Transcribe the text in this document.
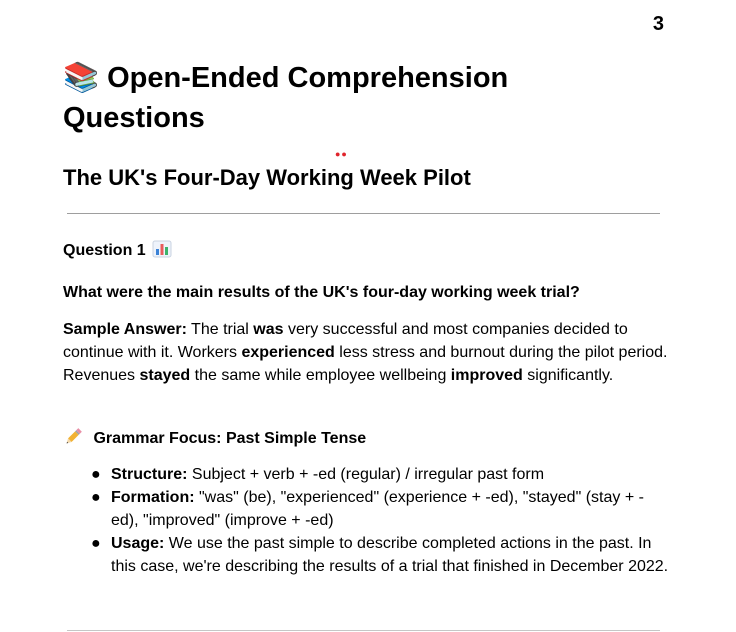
3
📚 Open-Ended Comprehension Questions
●●
The UK's Four-Day Working Week Pilot
Question 1
What were the main results of the UK's four-day working week trial?
Sample Answer: The trial was very successful and most companies decided to continue with it. Workers experienced less stress and burnout during the pilot period. Revenues stayed the same while employee wellbeing improved significantly.
Grammar Focus: Past Simple Tense
● Structure: Subject + verb + -ed (regular) / irregular past form
● Formation: "was" (be), "experienced" (experience + -ed), "stayed" (stay + -ed), "improved" (improve + -ed)
● Usage: We use the past simple to describe completed actions in the past. In this case, we're describing the results of a trial that finished in December 2022.
